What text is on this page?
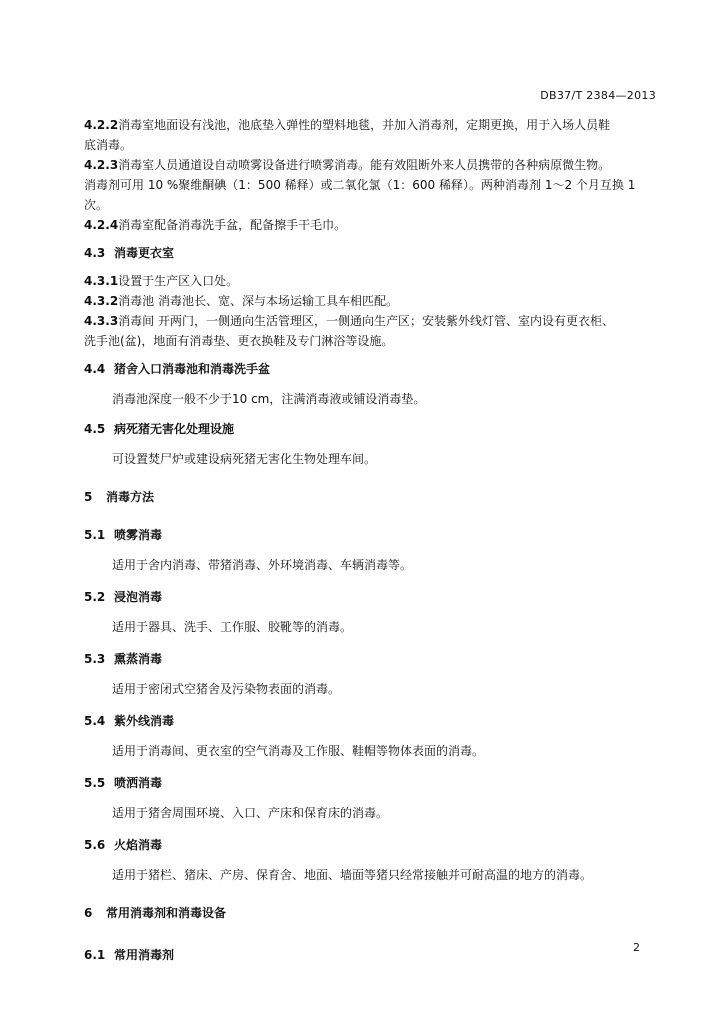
DB37/T 2384—2013

4.2.2消毒室地面设有浅池，池底垫入弹性的塑料地毯，并加入消毒剂，定期更换，用于入场人员鞋

底消毒。

4.2.3消毒室人员通道设自动喷雾设备进行喷雾消毒。能有效阻断外来人员携带的各种病原微生物。

消毒剂可用 10 %聚维酮碘（1：500 稀释）或二氧化氯（1：600 稀释）。两种消毒剂 1～2 个月互换 1

次。

4.2.4消毒室配备消毒洗手盆，配备擦手干毛巾。

4.3 消毒更衣室

4.3.1设置于生产区入口处。

4.3.2消毒池 消毒池长、宽、深与本场运输工具车相匹配。

4.3.3消毒间 开两门，一侧通向生活管理区，一侧通向生产区；安装紫外线灯管、室内设有更衣柜、

洗手池(盆)，地面有消毒垫、更衣换鞋及专门淋浴等设施。

4.4 猪舍入口消毒池和消毒洗手盆

消毒池深度一般不少于10 cm，注满消毒液或铺设消毒垫。

4.5 病死猪无害化处理设施

可设置焚尸炉或建设病死猪无害化生物处理车间。

5 消毒方法

5.1 喷雾消毒

适用于舍内消毒、带猪消毒、外环境消毒、车辆消毒等。

5.2 浸泡消毒

适用于器具、洗手、工作服、胶靴等的消毒。

5.3 熏蒸消毒

适用于密闭式空猪舍及污染物表面的消毒。

5.4 紫外线消毒

适用于消毒间、更衣室的空气消毒及工作服、鞋帽等物体表面的消毒。

5.5 喷洒消毒

适用于猪舍周围环境、入口、产床和保育床的消毒。

5.6 火焰消毒

适用于猪栏、猪床、产房、保育舍、地面、墙面等猪只经常接触并可耐高温的地方的消毒。

6 常用消毒剂和消毒设备

6.1 常用消毒剂

2
